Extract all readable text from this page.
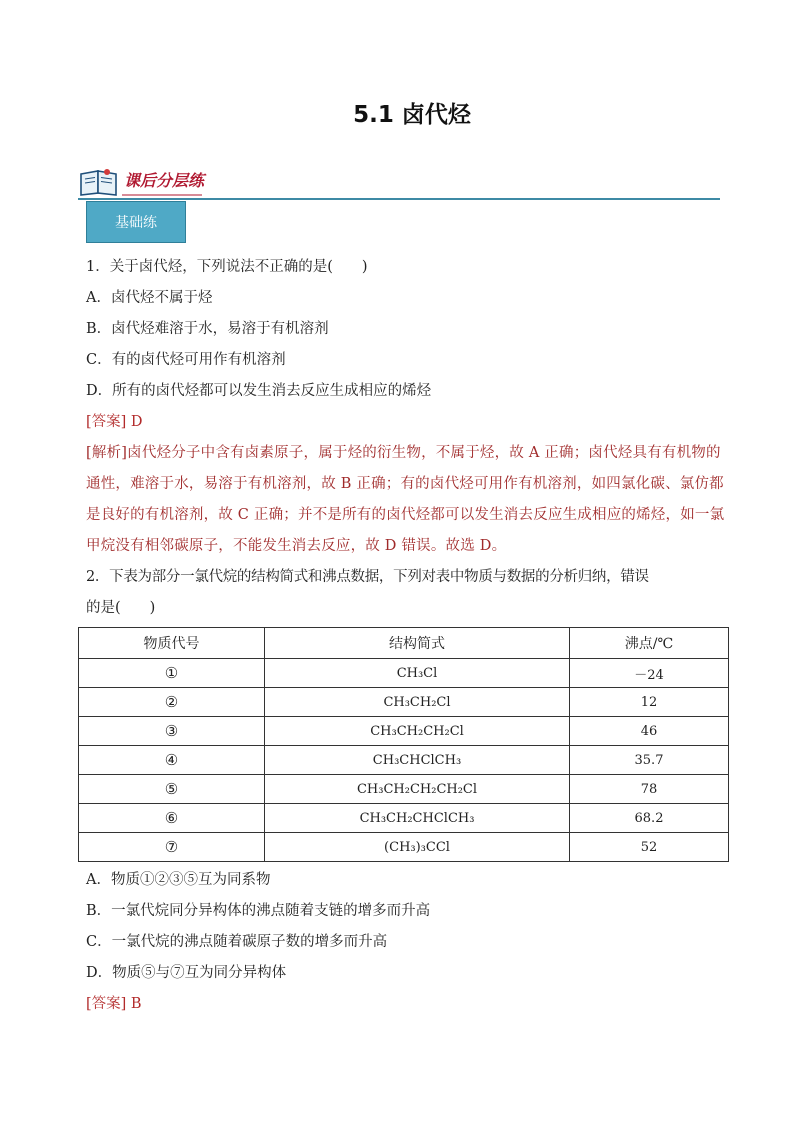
5.1 卤代烃
课后分层练
基础练

1．关于卤代烃，下列说法不正确的是(　　)

A．卤代烃不属于烃

B．卤代烃难溶于水，易溶于有机溶剂

C．有的卤代烃可用作有机溶剂

D．所有的卤代烃都可以发生消去反应生成相应的烯烃

[答案] D

[解析]卤代烃分子中含有卤素原子，属于烃的衍生物，不属于烃，故 A 正确；卤代烃具有有机物的通性，难溶于水，易溶于有机溶剂，故 B 正确；有的卤代烃可用作有机溶剂，如四氯化碳、氯仿都是良好的有机溶剂，故 C 正确；并不是所有的卤代烃都可以发生消去反应生成相应的烯烃，如一氯甲烷没有相邻碳原子，不能发生消去反应，故 D 错误。故选 D。

2．下表为部分一氯代烷的结构简式和沸点数据，下列对表中物质与数据的分析归纳，错误

的是(　　)

物质代号	结构简式	沸点/℃
①	CH₃Cl	－24
②	CH₃CH₂Cl	12
③	CH₃CH₂CH₂Cl	46
④	CH₃CHClCH₃	35.7
⑤	CH₃CH₂CH₂CH₂Cl	78
⑥	CH₃CH₂CHClCH₃	68.2
⑦	(CH₃)₃CCl	52

A．物质①②③⑤互为同系物

B．一氯代烷同分异构体的沸点随着支链的增多而升高

C．一氯代烷的沸点随着碳原子数的增多而升高

D．物质⑤与⑦互为同分异构体

[答案] B
